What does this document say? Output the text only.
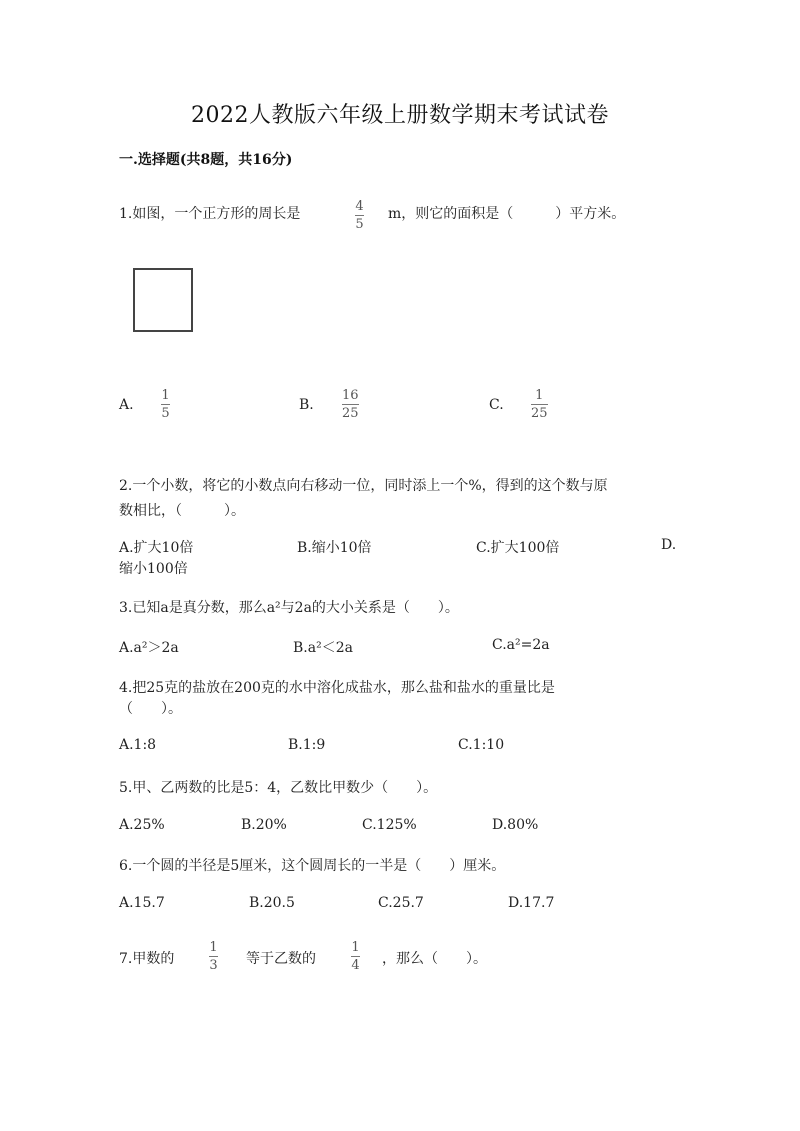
2022人教版六年级上册数学期末考试试卷
一.选择题(共8题，共16分)
1.如图，一个正方形的周长是	4
5
m，则它的面积是（　　　）平方米。
A.
1
5
B.
16
25
C.
1
25
2.一个小数，将它的小数点向右移动一位，同时添上一个%，得到的这个数与原
数相比，（　　　）。
A.扩大10倍	B.缩小10倍	C.扩大100倍	D.
缩小100倍
3.已知a是真分数，那么a²与2a的大小关系是（　　）。
A.a²＞2a	B.a²＜2a	C.a²=2a
4.把25克的盐放在200克的水中溶化成盐水，那么盐和盐水的重量比是
（　　）。
A.1:8	B.1:9	C.1:10
5.甲、乙两数的比是5：4，乙数比甲数少（　　）。
A.25%	B.20%	C.125%	D.80%
6.一个圆的半径是5厘米，这个圆周长的一半是（　　）厘米。
A.15.7	B.20.5	C.25.7	D.17.7
7.甲数的
1
3 等于乙数的
1
4 ，那么（　　）。
